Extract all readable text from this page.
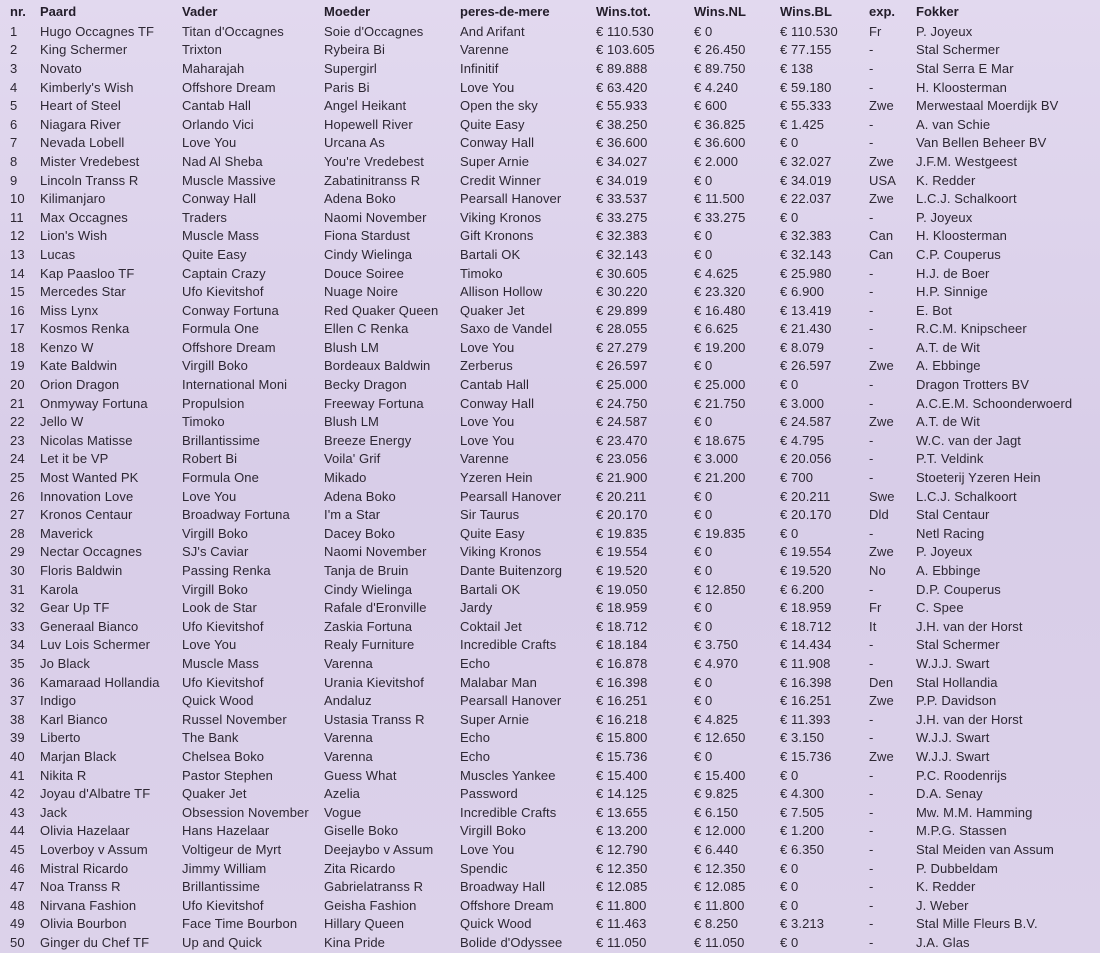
nr.	Paard	Vader	Moeder	peres-de-mere	Wins.tot.	Wins.NL	Wins.BL	exp.	Fokker
1	Hugo Occagnes TF	Titan d'Occagnes	Soie d'Occagnes	And Arifant	€ 110.530	€ 0	€ 110.530	Fr	P. Joyeux
2	King Schermer	Trixton	Rybeira Bi	Varenne	€ 103.605	€ 26.450	€ 77.155	-	Stal Schermer
3	Novato	Maharajah	Supergirl	Infinitif	€ 89.888	€ 89.750	€ 138	-	Stal Serra E Mar
4	Kimberly's Wish	Offshore Dream	Paris Bi	Love You	€ 63.420	€ 4.240	€ 59.180	-	H. Kloosterman
5	Heart of Steel	Cantab Hall	Angel Heikant	Open the sky	€ 55.933	€ 600	€ 55.333	Zwe	Merwestaal Moerdijk BV
6	Niagara River	Orlando Vici	Hopewell River	Quite Easy	€ 38.250	€ 36.825	€ 1.425	-	A. van Schie
7	Nevada Lobell	Love You	Urcana As	Conway Hall	€ 36.600	€ 36.600	€ 0	-	Van Bellen Beheer BV
8	Mister Vredebest	Nad Al Sheba	You're Vredebest	Super Arnie	€ 34.027	€ 2.000	€ 32.027	Zwe	J.F.M. Westgeest
9	Lincoln Transs R	Muscle Massive	Zabatinitranss R	Credit Winner	€ 34.019	€ 0	€ 34.019	USA	K. Redder
10	Kilimanjaro	Conway Hall	Adena Boko	Pearsall Hanover	€ 33.537	€ 11.500	€ 22.037	Zwe	L.C.J. Schalkoort
11	Max Occagnes	Traders	Naomi November	Viking Kronos	€ 33.275	€ 33.275	€ 0	-	P. Joyeux
12	Lion's Wish	Muscle Mass	Fiona Stardust	Gift Kronons	€ 32.383	€ 0	€ 32.383	Can	H. Kloosterman
13	Lucas	Quite Easy	Cindy Wielinga	Bartali OK	€ 32.143	€ 0	€ 32.143	Can	C.P. Couperus
14	Kap Paasloo TF	Captain Crazy	Douce Soiree	Timoko	€ 30.605	€ 4.625	€ 25.980	-	H.J. de Boer
15	Mercedes Star	Ufo Kievitshof	Nuage Noire	Allison Hollow	€ 30.220	€ 23.320	€ 6.900	-	H.P. Sinnige
16	Miss Lynx	Conway Fortuna	Red Quaker Queen	Quaker Jet	€ 29.899	€ 16.480	€ 13.419	-	E. Bot
17	Kosmos Renka	Formula One	Ellen C Renka	Saxo de Vandel	€ 28.055	€ 6.625	€ 21.430	-	R.C.M. Knipscheer
18	Kenzo W	Offshore Dream	Blush LM	Love You	€ 27.279	€ 19.200	€ 8.079	-	A.T. de Wit
19	Kate Baldwin	Virgill Boko	Bordeaux Baldwin	Zerberus	€ 26.597	€ 0	€ 26.597	Zwe	A. Ebbinge
20	Orion Dragon	International Moni	Becky Dragon	Cantab Hall	€ 25.000	€ 25.000	€ 0	-	Dragon Trotters BV
21	Onmyway Fortuna	Propulsion	Freeway Fortuna	Conway Hall	€ 24.750	€ 21.750	€ 3.000	-	A.C.E.M. Schoonderwoerd
22	Jello W	Timoko	Blush LM	Love You	€ 24.587	€ 0	€ 24.587	Zwe	A.T. de Wit
23	Nicolas Matisse	Brillantissime	Breeze Energy	Love You	€ 23.470	€ 18.675	€ 4.795	-	W.C. van der Jagt
24	Let it be VP	Robert Bi	Voila' Grif	Varenne	€ 23.056	€ 3.000	€ 20.056	-	P.T. Veldink
25	Most Wanted PK	Formula One	Mikado	Yzeren Hein	€ 21.900	€ 21.200	€ 700	-	Stoeterij Yzeren Hein
26	Innovation Love	Love You	Adena Boko	Pearsall Hanover	€ 20.211	€ 0	€ 20.211	Swe	L.C.J. Schalkoort
27	Kronos Centaur	Broadway Fortuna	I'm a Star	Sir Taurus	€ 20.170	€ 0	€ 20.170	Dld	Stal Centaur
28	Maverick	Virgill Boko	Dacey Boko	Quite Easy	€ 19.835	€ 19.835	€ 0	-	Netl Racing
29	Nectar Occagnes	SJ's Caviar	Naomi November	Viking Kronos	€ 19.554	€ 0	€ 19.554	Zwe	P. Joyeux
30	Floris Baldwin	Passing Renka	Tanja de Bruin	Dante Buitenzorg	€ 19.520	€ 0	€ 19.520	No	A. Ebbinge
31	Karola	Virgill Boko	Cindy Wielinga	Bartali OK	€ 19.050	€ 12.850	€ 6.200	-	D.P. Couperus
32	Gear Up TF	Look de Star	Rafale d'Eronville	Jardy	€ 18.959	€ 0	€ 18.959	Fr	C. Spee
33	Generaal Bianco	Ufo Kievitshof	Zaskia Fortuna	Coktail Jet	€ 18.712	€ 0	€ 18.712	It	J.H. van der Horst
34	Luv Lois Schermer	Love You	Realy Furniture	Incredible Crafts	€ 18.184	€ 3.750	€ 14.434	-	Stal Schermer
35	Jo Black	Muscle Mass	Varenna	Echo	€ 16.878	€ 4.970	€ 11.908	-	W.J.J. Swart
36	Kamaraad Hollandia	Ufo Kievitshof	Urania Kievitshof	Malabar Man	€ 16.398	€ 0	€ 16.398	Den	Stal Hollandia
37	Indigo	Quick Wood	Andaluz	Pearsall Hanover	€ 16.251	€ 0	€ 16.251	Zwe	P.P. Davidson
38	Karl Bianco	Russel November	Ustasia Transs R	Super Arnie	€ 16.218	€ 4.825	€ 11.393	-	J.H. van der Horst
39	Liberto	The Bank	Varenna	Echo	€ 15.800	€ 12.650	€ 3.150	-	W.J.J. Swart
40	Marjan Black	Chelsea Boko	Varenna	Echo	€ 15.736	€ 0	€ 15.736	Zwe	W.J.J. Swart
41	Nikita R	Pastor Stephen	Guess What	Muscles Yankee	€ 15.400	€ 15.400	€ 0	-	P.C. Roodenrijs
42	Joyau d'Albatre TF	Quaker Jet	Azelia	Password	€ 14.125	€ 9.825	€ 4.300	-	D.A. Senay
43	Jack	Obsession November	Vogue	Incredible Crafts	€ 13.655	€ 6.150	€ 7.505	-	Mw. M.M. Hamming
44	Olivia Hazelaar	Hans Hazelaar	Giselle Boko	Virgill Boko	€ 13.200	€ 12.000	€ 1.200	-	M.P.G. Stassen
45	Loverboy v Assum	Voltigeur de Myrt	Deejaybo v Assum	Love You	€ 12.790	€ 6.440	€ 6.350	-	Stal Meiden van Assum
46	Mistral Ricardo	Jimmy William	Zita Ricardo	Spendic	€ 12.350	€ 12.350	€ 0	-	P. Dubbeldam
47	Noa Transs R	Brillantissime	Gabrielatranss R	Broadway Hall	€ 12.085	€ 12.085	€ 0	-	K. Redder
48	Nirvana Fashion	Ufo Kievitshof	Geisha Fashion	Offshore Dream	€ 11.800	€ 11.800	€ 0	-	J. Weber
49	Olivia Bourbon	Face Time Bourbon	Hillary Queen	Quick Wood	€ 11.463	€ 8.250	€ 3.213	-	Stal Mille Fleurs B.V.
50	Ginger du Chef TF	Up and Quick	Kina Pride	Bolide d'Odyssee	€ 11.050	€ 11.050	€ 0	-	J.A. Glas
